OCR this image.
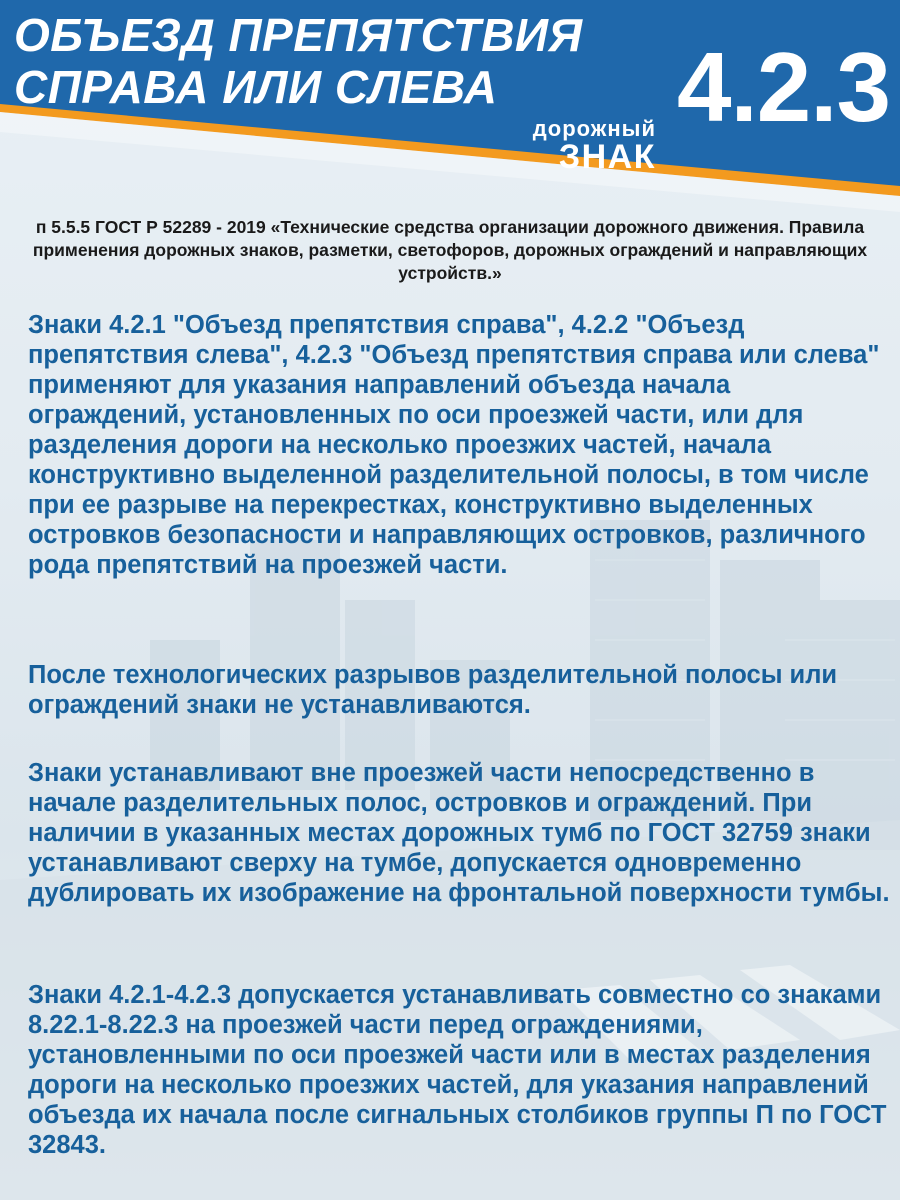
ОБЪЕЗД ПРЕПЯТСТВИЯ
СПРАВА ИЛИ СЛЕВА 4.2.3
дорожный
ЗНАК

п 5.5.5 ГОСТ Р 52289 - 2019 «Технические средства организации дорожного движения. Правила применения дорожных знаков, разметки, светофоров, дорожных ограждений и направляющих устройств.»

Знаки 4.2.1 "Объезд препятствия справа", 4.2.2 "Объезд препятствия слева", 4.2.3 "Объезд препятствия справа или слева" применяют для указания направлений объезда начала ограждений, установленных по оси проезжей части, или для разделения дороги на несколько проезжих частей, начала конструктивно выделенной разделительной полосы, в том числе при ее разрыве на перекрестках, конструктивно выделенных островков безопасности и направляющих островков, различного рода препятствий на проезжей части.

После технологических разрывов разделительной полосы или ограждений знаки не устанавливаются.

Знаки устанавливают вне проезжей части непосредственно в начале разделительных полос, островков и ограждений. При наличии в указанных местах дорожных тумб по ГОСТ 32759 знаки устанавливают сверху на тумбе, допускается одновременно дублировать их изображение на фронтальной поверхности тумбы.

Знаки 4.2.1-4.2.3 допускается устанавливать совместно со знаками 8.22.1-8.22.3 на проезжей части перед ограждениями, установленными по оси проезжей части или в местах разделения дороги на несколько проезжих частей, для указания направлений объезда их начала после сигнальных столбиков группы П по ГОСТ 32843.
